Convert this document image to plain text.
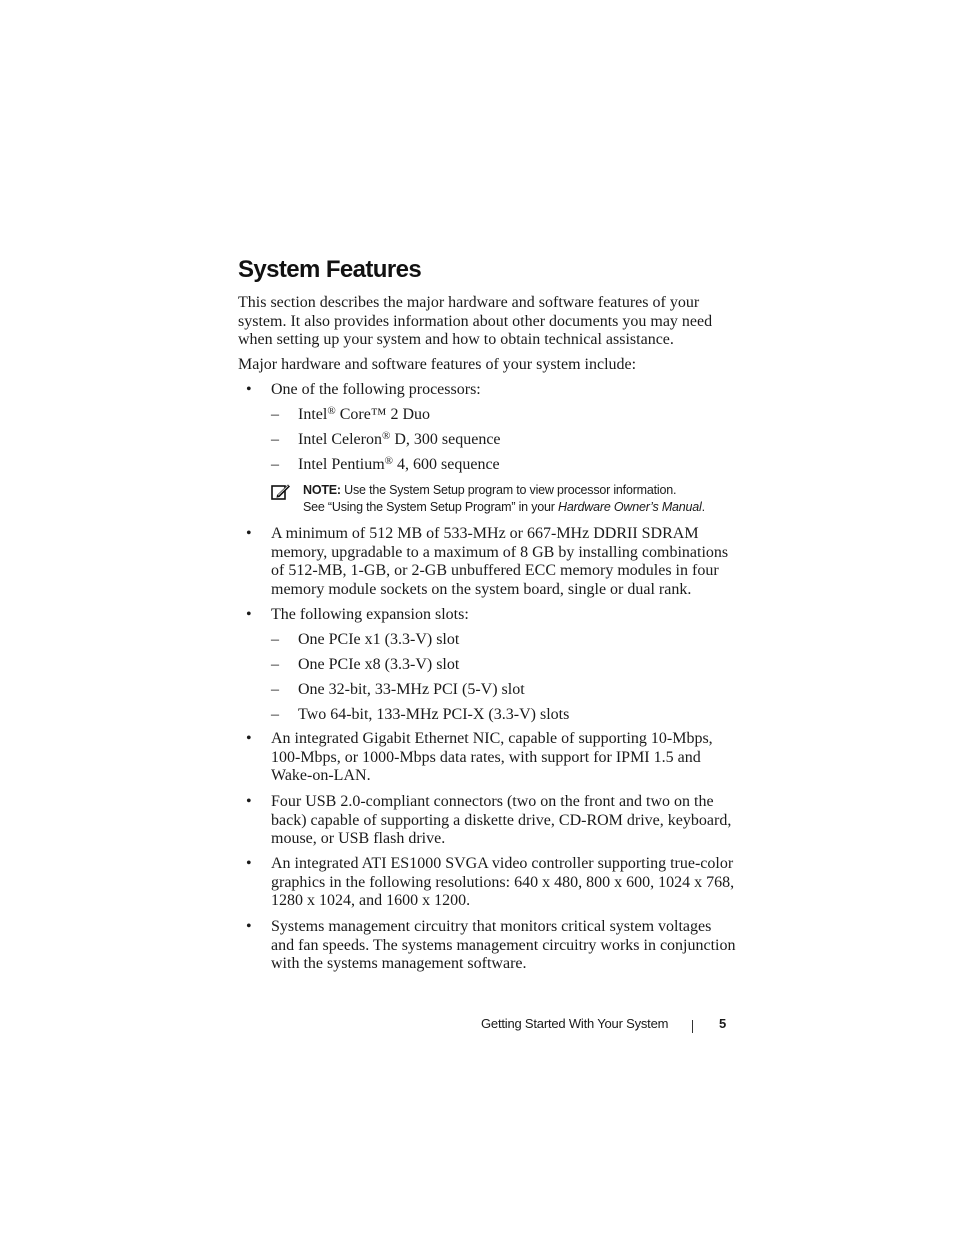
System Features

This section describes the major hardware and software features of your system. It also provides information about other documents you may need when setting up your system and how to obtain technical assistance.

Major hardware and software features of your system include:

• One of the following processors:
– Intel® Core™ 2 Duo
– Intel Celeron® D, 300 sequence
– Intel Pentium® 4, 600 sequence
NOTE: Use the System Setup program to view processor information.
See “Using the System Setup Program” in your Hardware Owner’s Manual.
• A minimum of 512 MB of 533-MHz or 667-MHz DDRII SDRAM memory, upgradable to a maximum of 8 GB by installing combinations of 512-MB, 1-GB, or 2-GB unbuffered ECC memory modules in four memory module sockets on the system board, single or dual rank.
• The following expansion slots:
– One PCIe x1 (3.3-V) slot
– One PCIe x8 (3.3-V) slot
– One 32-bit, 33-MHz PCI (5-V) slot
– Two 64-bit, 133-MHz PCI-X (3.3-V) slots
• An integrated Gigabit Ethernet NIC, capable of supporting 10-Mbps, 100-Mbps, or 1000-Mbps data rates, with support for IPMI 1.5 and Wake-on-LAN.
• Four USB 2.0-compliant connectors (two on the front and two on the back) capable of supporting a diskette drive, CD-ROM drive, keyboard, mouse, or USB flash drive.
• An integrated ATI ES1000 SVGA video controller supporting true-color graphics in the following resolutions: 640 x 480, 800 x 600, 1024 x 768, 1280 x 1024, and 1600 x 1200.
• Systems management circuitry that monitors critical system voltages and fan speeds. The systems management circuitry works in conjunction with the systems management software.
Getting Started With Your System	5
